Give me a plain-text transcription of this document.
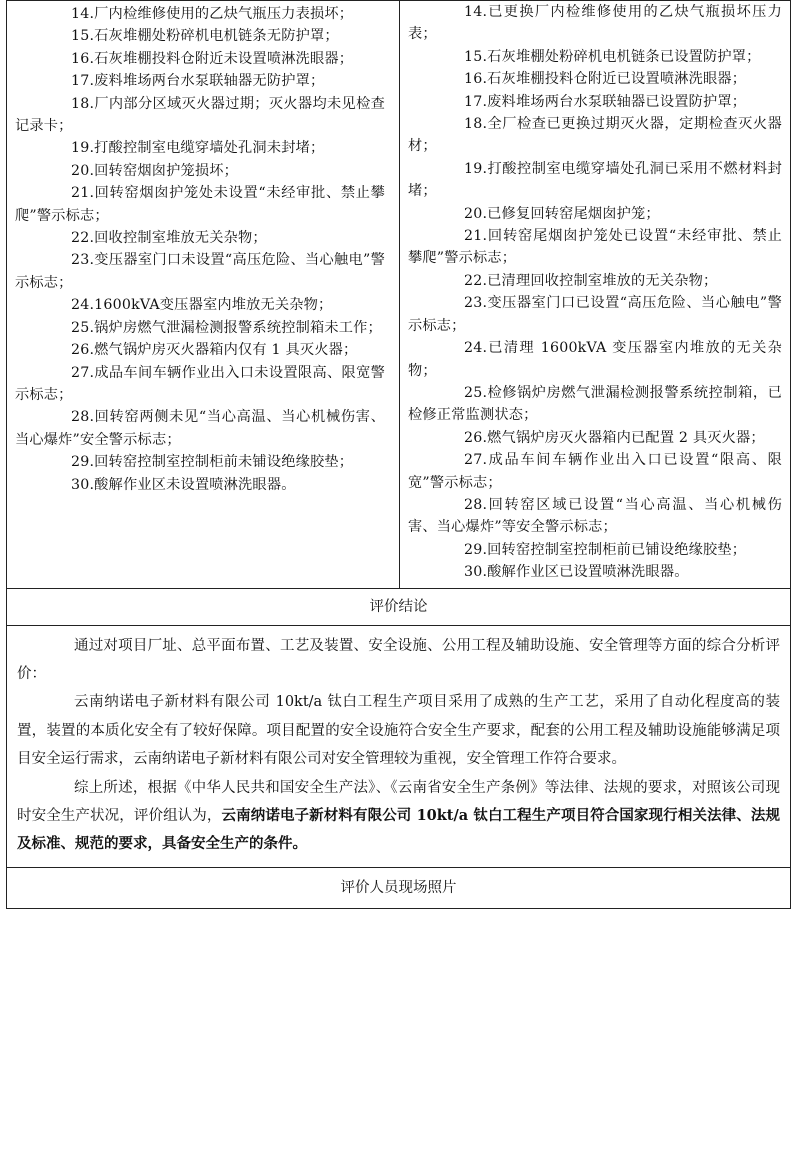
14.厂内检维修使用的乙炔气瓶压力表损坏；
15.石灰堆棚处粉碎机电机链条无防护罩；
16.石灰堆棚投料仓附近未设置喷淋洗眼器；
17.废料堆场两台水泵联轴器无防护罩；
18.厂内部分区域灭火器过期；灭火器均未见检查记录卡；
19.打酸控制室电缆穿墙处孔洞未封堵；
20.回转窑烟囱护笼损坏；
21.回转窑烟囱护笼处未设置“未经审批、禁止攀爬”警示标志；
22.回收控制室堆放无关杂物；
23.变压器室门口未设置“高压危险、当心触电”警示标志；
24.1600kVA变压器室内堆放无关杂物；
25.锅炉房燃气泄漏检测报警系统控制箱未工作；
26.燃气锅炉房灭火器箱内仅有 1 具灭火器；
27.成品车间车辆作业出入口未设置限高、限宽警示标志；
28.回转窑两侧未见“当心高温、当心机械伤害、当心爆炸”安全警示标志；
29.回转窑控制室控制柜前未铺设绝缘胶垫；
30.酸解作业区未设置喷淋洗眼器。

14.已更换厂内检维修使用的乙炔气瓶损坏压力表；
15.石灰堆棚处粉碎机电机链条已设置防护罩；
16.石灰堆棚投料仓附近已设置喷淋洗眼器；
17.废料堆场两台水泵联轴器已设置防护罩；
18.全厂检查已更换过期灭火器，定期检查灭火器材；
19.打酸控制室电缆穿墙处孔洞已采用不燃材料封堵；
20.已修复回转窑尾烟囱护笼；
21.回转窑尾烟囱护笼处已设置“未经审批、禁止攀爬”警示标志；
22.已清理回收控制室堆放的无关杂物；
23.变压器室门口已设置“高压危险、当心触电”警示标志；
24.已清理 1600kVA 变压器室内堆放的无关杂物；
25.检修锅炉房燃气泄漏检测报警系统控制箱，已检修正常监测状态；
26.燃气锅炉房灭火器箱内已配置 2 具灭火器；
27.成品车间车辆作业出入口已设置“限高、限宽”警示标志；
28.回转窑区域已设置“当心高温、当心机械伤害、当心爆炸”等安全警示标志；
29.回转窑控制室控制柜前已铺设绝缘胶垫；
30.酸解作业区已设置喷淋洗眼器。

评价结论

通过对项目厂址、总平面布置、工艺及装置、安全设施、公用工程及辅助设施、安全管理等方面的综合分析评价：

云南纳诺电子新材料有限公司 10kt/a 钛白工程生产项目采用了成熟的生产工艺，采用了自动化程度高的装置，装置的本质化安全有了较好保障。项目配置的安全设施符合安全生产要求，配套的公用工程及辅助设施能够满足项目安全运行需求，云南纳诺电子新材料有限公司对安全管理较为重视，安全管理工作符合要求。

综上所述，根据《中华人民共和国安全生产法》、《云南省安全生产条例》等法律、法规的要求，对照该公司现时安全生产状况，评价组认为，云南纳诺电子新材料有限公司 10kt/a 钛白工程生产项目符合国家现行相关法律、法规及标准、规范的要求，具备安全生产的条件。

评价人员现场照片
